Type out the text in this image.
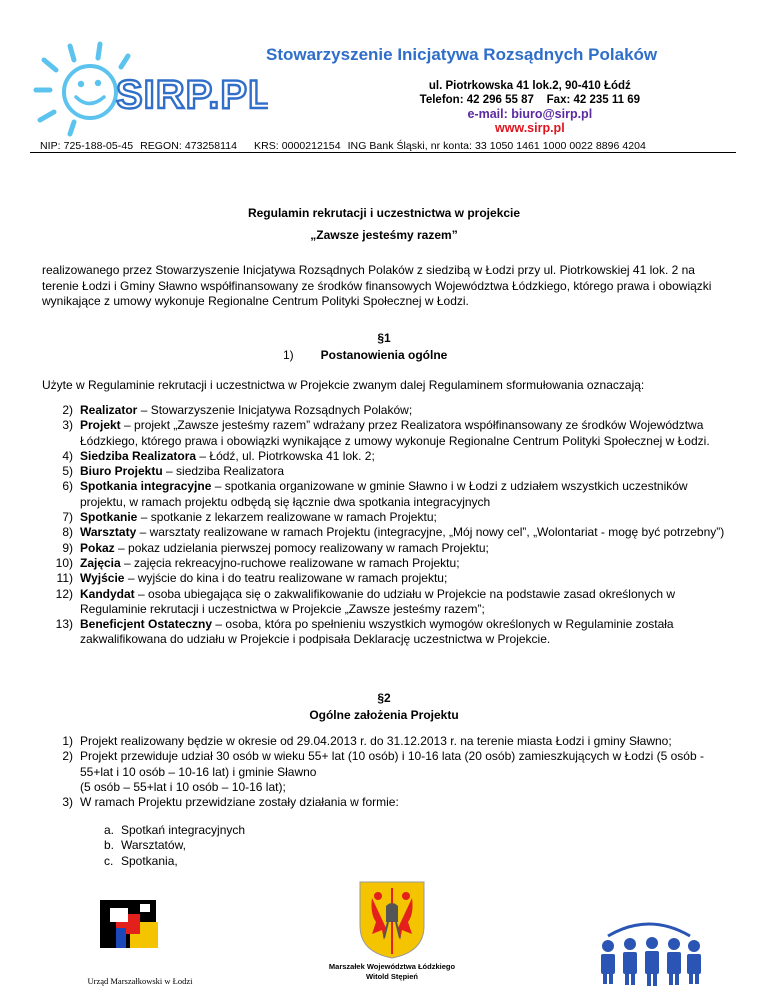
SIRP.PL
Stowarzyszenie Inicjatywa Rozsądnych Polaków
ul. Piotrkowska 41 lok.2, 90-410 Łódź
Telefon: 42 296 55 87    Fax: 42 235 11 69
e-mail: biuro@sirp.pl
www.sirp.pl
NIP: 725-188-05-45 REGON: 473258114 KRS: 0000212154 ING Bank Śląski, nr konta: 33 1050 1461 1000 0022 8896 4204
Regulamin rekrutacji i uczestnictwa w projekcie
„Zawsze jesteśmy razem”
realizowanego przez Stowarzyszenie Inicjatywa Rozsądnych Polaków z siedzibą w Łodzi przy ul. Piotrkowskiej 41 lok. 2 na terenie Łodzi i Gminy Sławno współfinansowany ze środków finansowych Województwa Łódzkiego, którego prawa i obowiązki wynikające z umowy wykonuje Regionalne Centrum Polityki Społecznej w Łodzi.
§1
1)	Postanowienia ogólne
Użyte w Regulaminie rekrutacji i uczestnictwa w Projekcie zwanym dalej Regulaminem sformułowania oznaczają:
2) Realizator – Stowarzyszenie Inicjatywa Rozsądnych Polaków;
3) Projekt – projekt „Zawsze jesteśmy razem” wdrażany przez Realizatora współfinansowany ze środków Województwa Łódzkiego, którego prawa i obowiązki wynikające z umowy wykonuje Regionalne Centrum Polityki Społecznej w Łodzi.
4) Siedziba Realizatora – Łódź, ul. Piotrkowska 41 lok. 2;
5) Biuro Projektu – siedziba Realizatora
6) Spotkania integracyjne – spotkania organizowane w gminie Sławno i w Łodzi z udziałem wszystkich uczestników projektu, w ramach projektu odbędą się łącznie dwa spotkania integracyjnych
7) Spotkanie – spotkanie z lekarzem realizowane w ramach Projektu;
8) Warsztaty – warsztaty realizowane w ramach Projektu (integracyjne, „Mój nowy cel”, „Wolontariat - mogę być potrzebny”)
9) Pokaz – pokaz udzielania pierwszej pomocy realizowany w ramach Projektu;
10) Zajęcia – zajęcia rekreacyjno-ruchowe realizowane w ramach Projektu;
11) Wyjście – wyjście do kina i do teatru realizowane w ramach projektu;
12) Kandydat – osoba ubiegająca się o zakwalifikowanie do udziału w Projekcie na podstawie zasad określonych w Regulaminie rekrutacji i uczestnictwa w Projekcie „Zawsze jesteśmy razem”;
13) Beneficjent Ostateczny – osoba, która po spełnieniu wszystkich wymogów określonych w Regulaminie została zakwalifikowana do udziału w Projekcie i podpisała Deklarację uczestnictwa w Projekcie.
§2
Ogólne założenia Projektu
1) Projekt realizowany będzie w okresie od 29.04.2013 r. do 31.12.2013 r. na terenie miasta Łodzi i gminy Sławno;
2) Projekt przewiduje udział 30 osób w wieku 55+ lat (10 osób) i 10-16 lata (20 osób) zamieszkujących w Łodzi (5 osób - 55+lat i 10 osób – 10-16 lat) i gminie Sławno
(5 osób – 55+lat i 10 osób – 10-16 lat);
3) W ramach Projektu przewidziane zostały działania w formie:
a. Spotkań integracyjnych
b. Warsztatów,
c. Spotkania,
Urząd Marszałkowski w Łodzi
Marszałek Województwa Łódzkiego
Witold Stępień
